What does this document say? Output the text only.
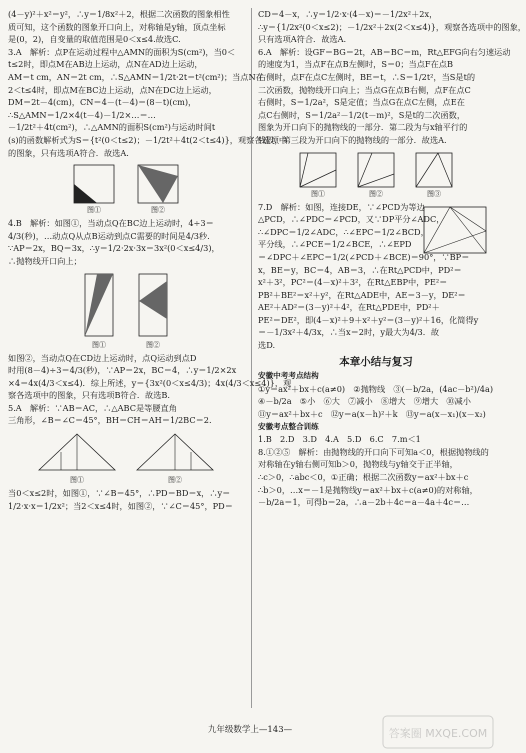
(4－y)²＋x²＝y²，∴y＝1/8x²＋2，根据二次函数的图象相性
质可知，这个函数的图象开口向上，对称轴是y轴，顶点坐标
是(0，2)，自变量的取值范围是0＜x≤4.故选C.
3.A　解析：点P在运动过程中△AMN的面积为S(cm²)，当0＜
t≤2时，即点M在AB边上运动，点N在AD边上运动，
AM＝t cm，AN＝2t cm，∴S△AMN＝1/2t·2t＝t²(cm²)；当点N在
2＜t≤4时，即点M在BC边上运动，点N在DC边上运动，
DM＝2t－4(cm)，CN＝4－(t－4)＝(8－t)(cm)，
∴S△AMN＝1/2×4(t－4)－1/2×…＝…
－1/2t²＋4t(cm²)，∴△AMN的面积S(cm²)与运动时间t
(s)的函数解析式为S＝{t²(0＜t≤2)；－1/2t²＋4t(2＜t≤4)}，观察各选项中
的图象，只有选项A符合．故选A.
图①	图②
4.B　解析：如图①，当动点Q在BC边上运动时，4÷3＝
4/3(秒)，…动点Q从点B运动到点C需要的时间是4/3秒.
∵AP＝2x，BQ＝3x，∴y＝1/2·2x·3x＝3x²(0＜x≤4/3)，
∴抛物线开口向上；
图①	图②
如图②，当动点Q在CD边上运动时，点Q运动到点D
时用(8－4)÷3＝4/3(秒)，∵AP＝2x，BC＝4，∴y＝1/2×2x
×4＝4x(4/3＜x≤4)．综上所述，y＝{3x²(0＜x≤4/3)；4x(4/3＜x≤4)}，观
察各选项中的图象，只有选项B符合．故选B.
5.A　解析：∵AB＝AC，∴△ABC是等腰直角
三角形，∠B＝∠C＝45°，BH＝CH＝AH＝1/2BC＝2.
图①	图②
当0＜x≤2时，如图①，∵∠B＝45°，∴PD＝BD＝x，∴y＝
1/2·x·x＝1/2x²；当2＜x≤4时，如图②，∵∠C＝45°，PD＝
CD＝4－x，∴y＝1/2·x·(4－x)＝－1/2x²＋2x，
∴y＝{1/2x²(0＜x≤2)；－1/2x²＋2x(2＜x≤4)}，观察各选项中的图象，
只有选项A符合．故选A.
6.A　解析：设GF＝BG＝2t，AB＝BC＝m，Rt△EFG向右匀速运动
的速度为1，当点F在点B左侧时，S＝0；当点F在点B
右侧时，点F在点C左侧时，BE＝t，∴S＝1/2t²，当S是t的
二次函数，抛物线开口向上；当点G在点B右侧，点F在点C
右侧时，S＝1/2a²，S是定值；当点G在点C左侧，点E在
点C右侧时，S＝1/2a²－1/2(t－m)²，S是t的二次函数，
图象为开口向下的抛物线的一部分．第二段为与x轴平行的
线段，第三段为开口向下的抛物线的一部分．故选A.
图①	图②	图③
7.D　解析：如图，连接DE，∵∠PCD为等边
△PCD，∴∠PDC＝∠PCD，又∵DP平分∠ADC，
∴∠DPC＝1/2∠ADC，∴∠EPC＝1/2∠BCD，
平分线，∴∠PCE＝1/2∠BCE，∴∠EPD
＝∠DPC＋∠EPC＝1/2(∠PCD＋∠BCE)＝90°，∵BP＝
x，BE＝y，BC＝4，AB＝3，∴在Rt△PCD中，PD²＝
x²＋3²，PC²＝(4－x)²＋3²，在Rt△EBP中，PE²＝
PB²＋BE²＝x²＋y²，在Rt△ADE中，AE＝3－y，DE²＝
AE²＋AD²＝(3－y)²＋4²，在Rt△PDE中，PD²＋
PE²＝DE²，即(4－x)²＋9＋x²＋y²＝(3－y)²＋16，化简得y
＝－1/3x²＋4/3x，∴当x＝2时，y最大为4/3．故
选D.
本章小结与复习
安徽中考考点结构
①y＝ax²＋bx＋c(a≠0)　②抛物线　③(－b/2a，(4ac－b²)/4a)
④－b/2a　⑤小　⑥大　⑦减小　⑧增大　⑨增大　⑩减小
⑪y＝ax²＋bx＋c　⑫y＝a(x－h)²＋k　⑬y＝a(x－x₁)(x－x₂)
安徽考点整合训练
1.B　2.D　3.D　4.A　5.D　6.C　7.m＜1
8.①②⑤　解析：由抛物线的开口向下可知a＜0，根据抛物线的
对称轴在y轴右侧可知b＞0，抛物线与y轴交于正半轴，
∴c＞0，∴abc＜0，①正确；根据二次函数y＝ax²＋bx＋c
∴b＞0，…x＝－1是抛物线y＝ax²＋bx＋c(a≠0)的对称轴，
－b/2a＝1，可得b＝2a，∴a－2b＋4c＝a－4a＋4c＝…
九年级数学上—143—	答案圈 MXQE.COM
